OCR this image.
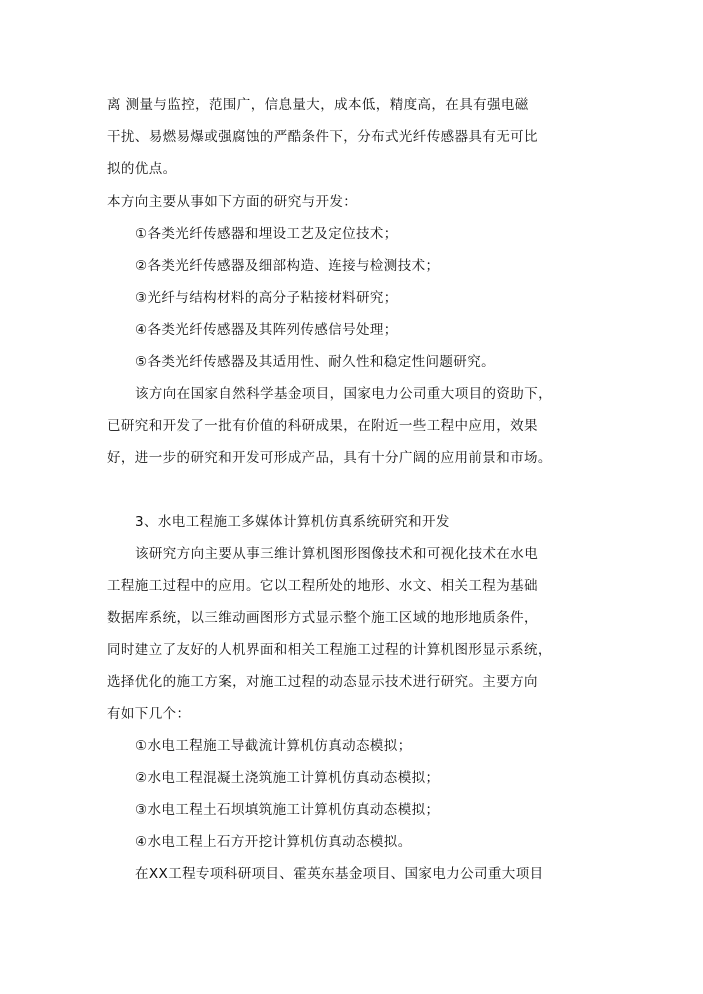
离 测量与监控，范围广，信息量大，成本低，精度高，在具有强电磁
干扰、易燃易爆或强腐蚀的严酷条件下，分布式光纤传感器具有无可比
拟的优点。
本方向主要从事如下方面的研究与开发：
①各类光纤传感器和埋设工艺及定位技术；
②各类光纤传感器及细部构造、连接与检测技术；
③光纤与结构材料的高分子粘接材料研究；
④各类光纤传感器及其阵列传感信号处理；
⑤各类光纤传感器及其适用性、耐久性和稳定性问题研究。
该方向在国家自然科学基金项目，国家电力公司重大项目的资助下，
已研究和开发了一批有价值的科研成果，在附近一些工程中应用，效果
好，进一步的研究和开发可形成产品，具有十分广阔的应用前景和市场。
3、水电工程施工多媒体计算机仿真系统研究和开发
该研究方向主要从事三维计算机图形图像技术和可视化技术在水电
工程施工过程中的应用。它以工程所处的地形、水文、相关工程为基础
数据库系统，以三维动画图形方式显示整个施工区域的地形地质条件，
同时建立了友好的人机界面和相关工程施工过程的计算机图形显示系统，
选择优化的施工方案，对施工过程的动态显示技术进行研究。主要方向
有如下几个：
①水电工程施工导截流计算机仿真动态模拟；
②水电工程混凝土浇筑施工计算机仿真动态模拟；
③水电工程土石坝填筑施工计算机仿真动态模拟；
④水电工程上石方开挖计算机仿真动态模拟。
在XX工程专项科研项目、霍英东基金项目、国家电力公司重大项目
